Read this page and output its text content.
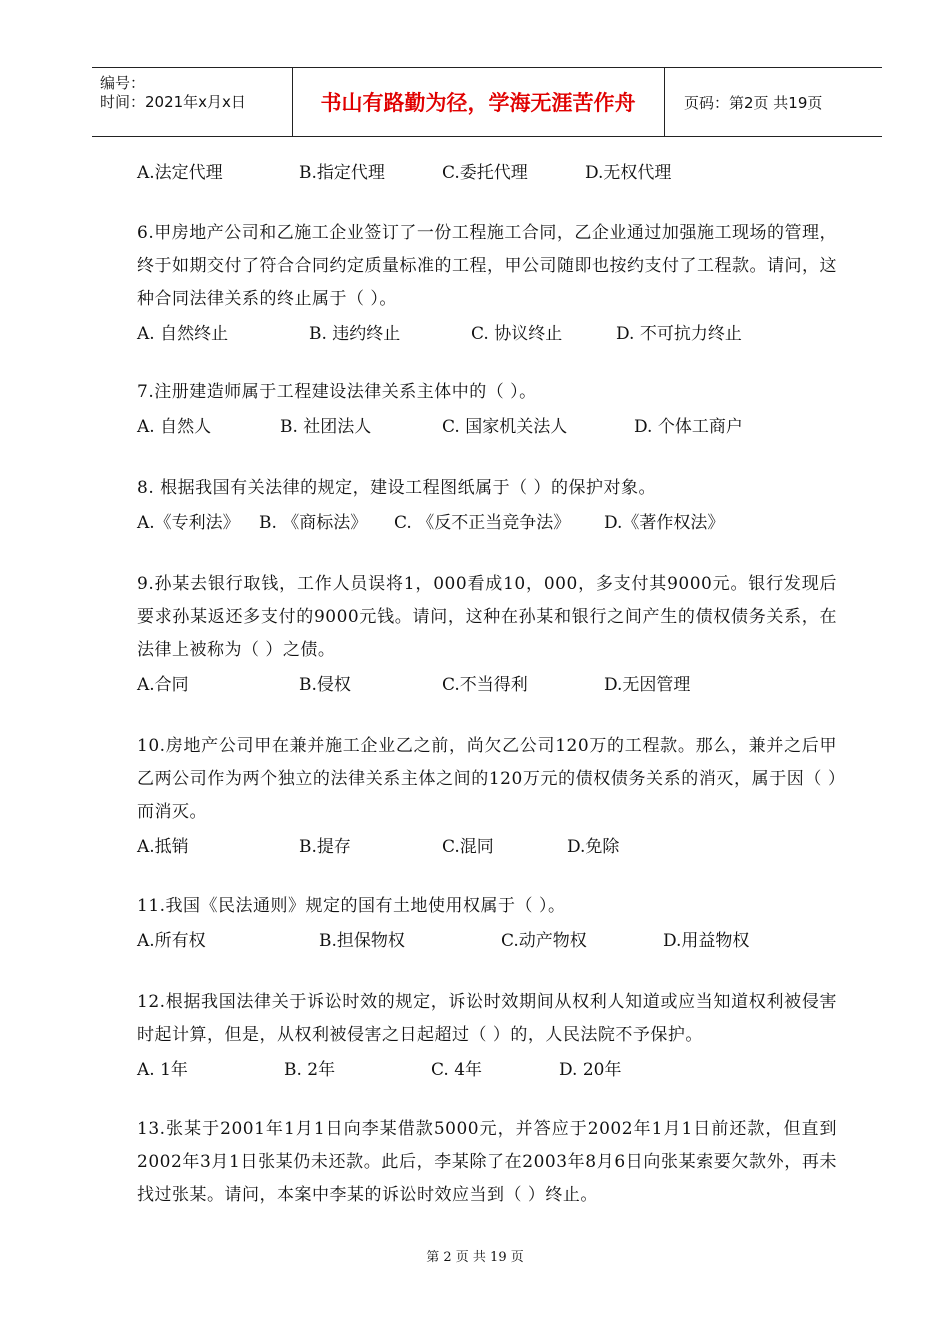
编号：
时间：2021年x月x日	书山有路勤为径，学海无涯苦作舟	页码：第2页 共19页
A.法定代理	B.指定代理	C.委托代理	D.无权代理

6.甲房地产公司和乙施工企业签订了一份工程施工合同，乙企业通过加强施工现场的管理，终于如期交付了符合合同约定质量标准的工程，甲公司随即也按约支付了工程款。请问，这种合同法律关系的终止属于（ ）。

A. 自然终止	B. 违约终止	C. 协议终止	D. 不可抗力终止

7.注册建造师属于工程建设法律关系主体中的（ ）。

A. 自然人	B. 社团法人	C. 国家机关法人	D. 个体工商户

8. 根据我国有关法律的规定，建设工程图纸属于（ ）的保护对象。

A.《专利法》	B. 《商标法》	C. 《反不正当竞争法》	D.《著作权法》

9.孙某去银行取钱，工作人员误将1，000看成10，000，多支付其9000元。银行发现后要求孙某返还多支付的9000元钱。请问，这种在孙某和银行之间产生的债权债务关系，在法律上被称为（ ）之债。

A.合同	B.侵权	C.不当得利	D.无因管理

10.房地产公司甲在兼并施工企业乙之前，尚欠乙公司120万的工程款。那么，兼并之后甲乙两公司作为两个独立的法律关系主体之间的120万元的债权债务关系的消灭，属于因（ ）而消灭。

A.抵销	B.提存	C.混同	D.免除

11.我国《民法通则》规定的国有土地使用权属于（ ）。

A.所有权	B.担保物权	C.动产物权	D.用益物权

12.根据我国法律关于诉讼时效的规定，诉讼时效期间从权利人知道或应当知道权利被侵害时起计算，但是，从权利被侵害之日起超过（ ）的，人民法院不予保护。

A. 1年	B. 2年	C. 4年	D. 20年

13.张某于2001年1月1日向李某借款5000元，并答应于2002年1月1日前还款，但直到2002年3月1日张某仍未还款。此后，李某除了在2003年8月6日向张某索要欠款外，再未找过张某。请问，本案中李某的诉讼时效应当到（ ）终止。

第 2 页 共 19 页
